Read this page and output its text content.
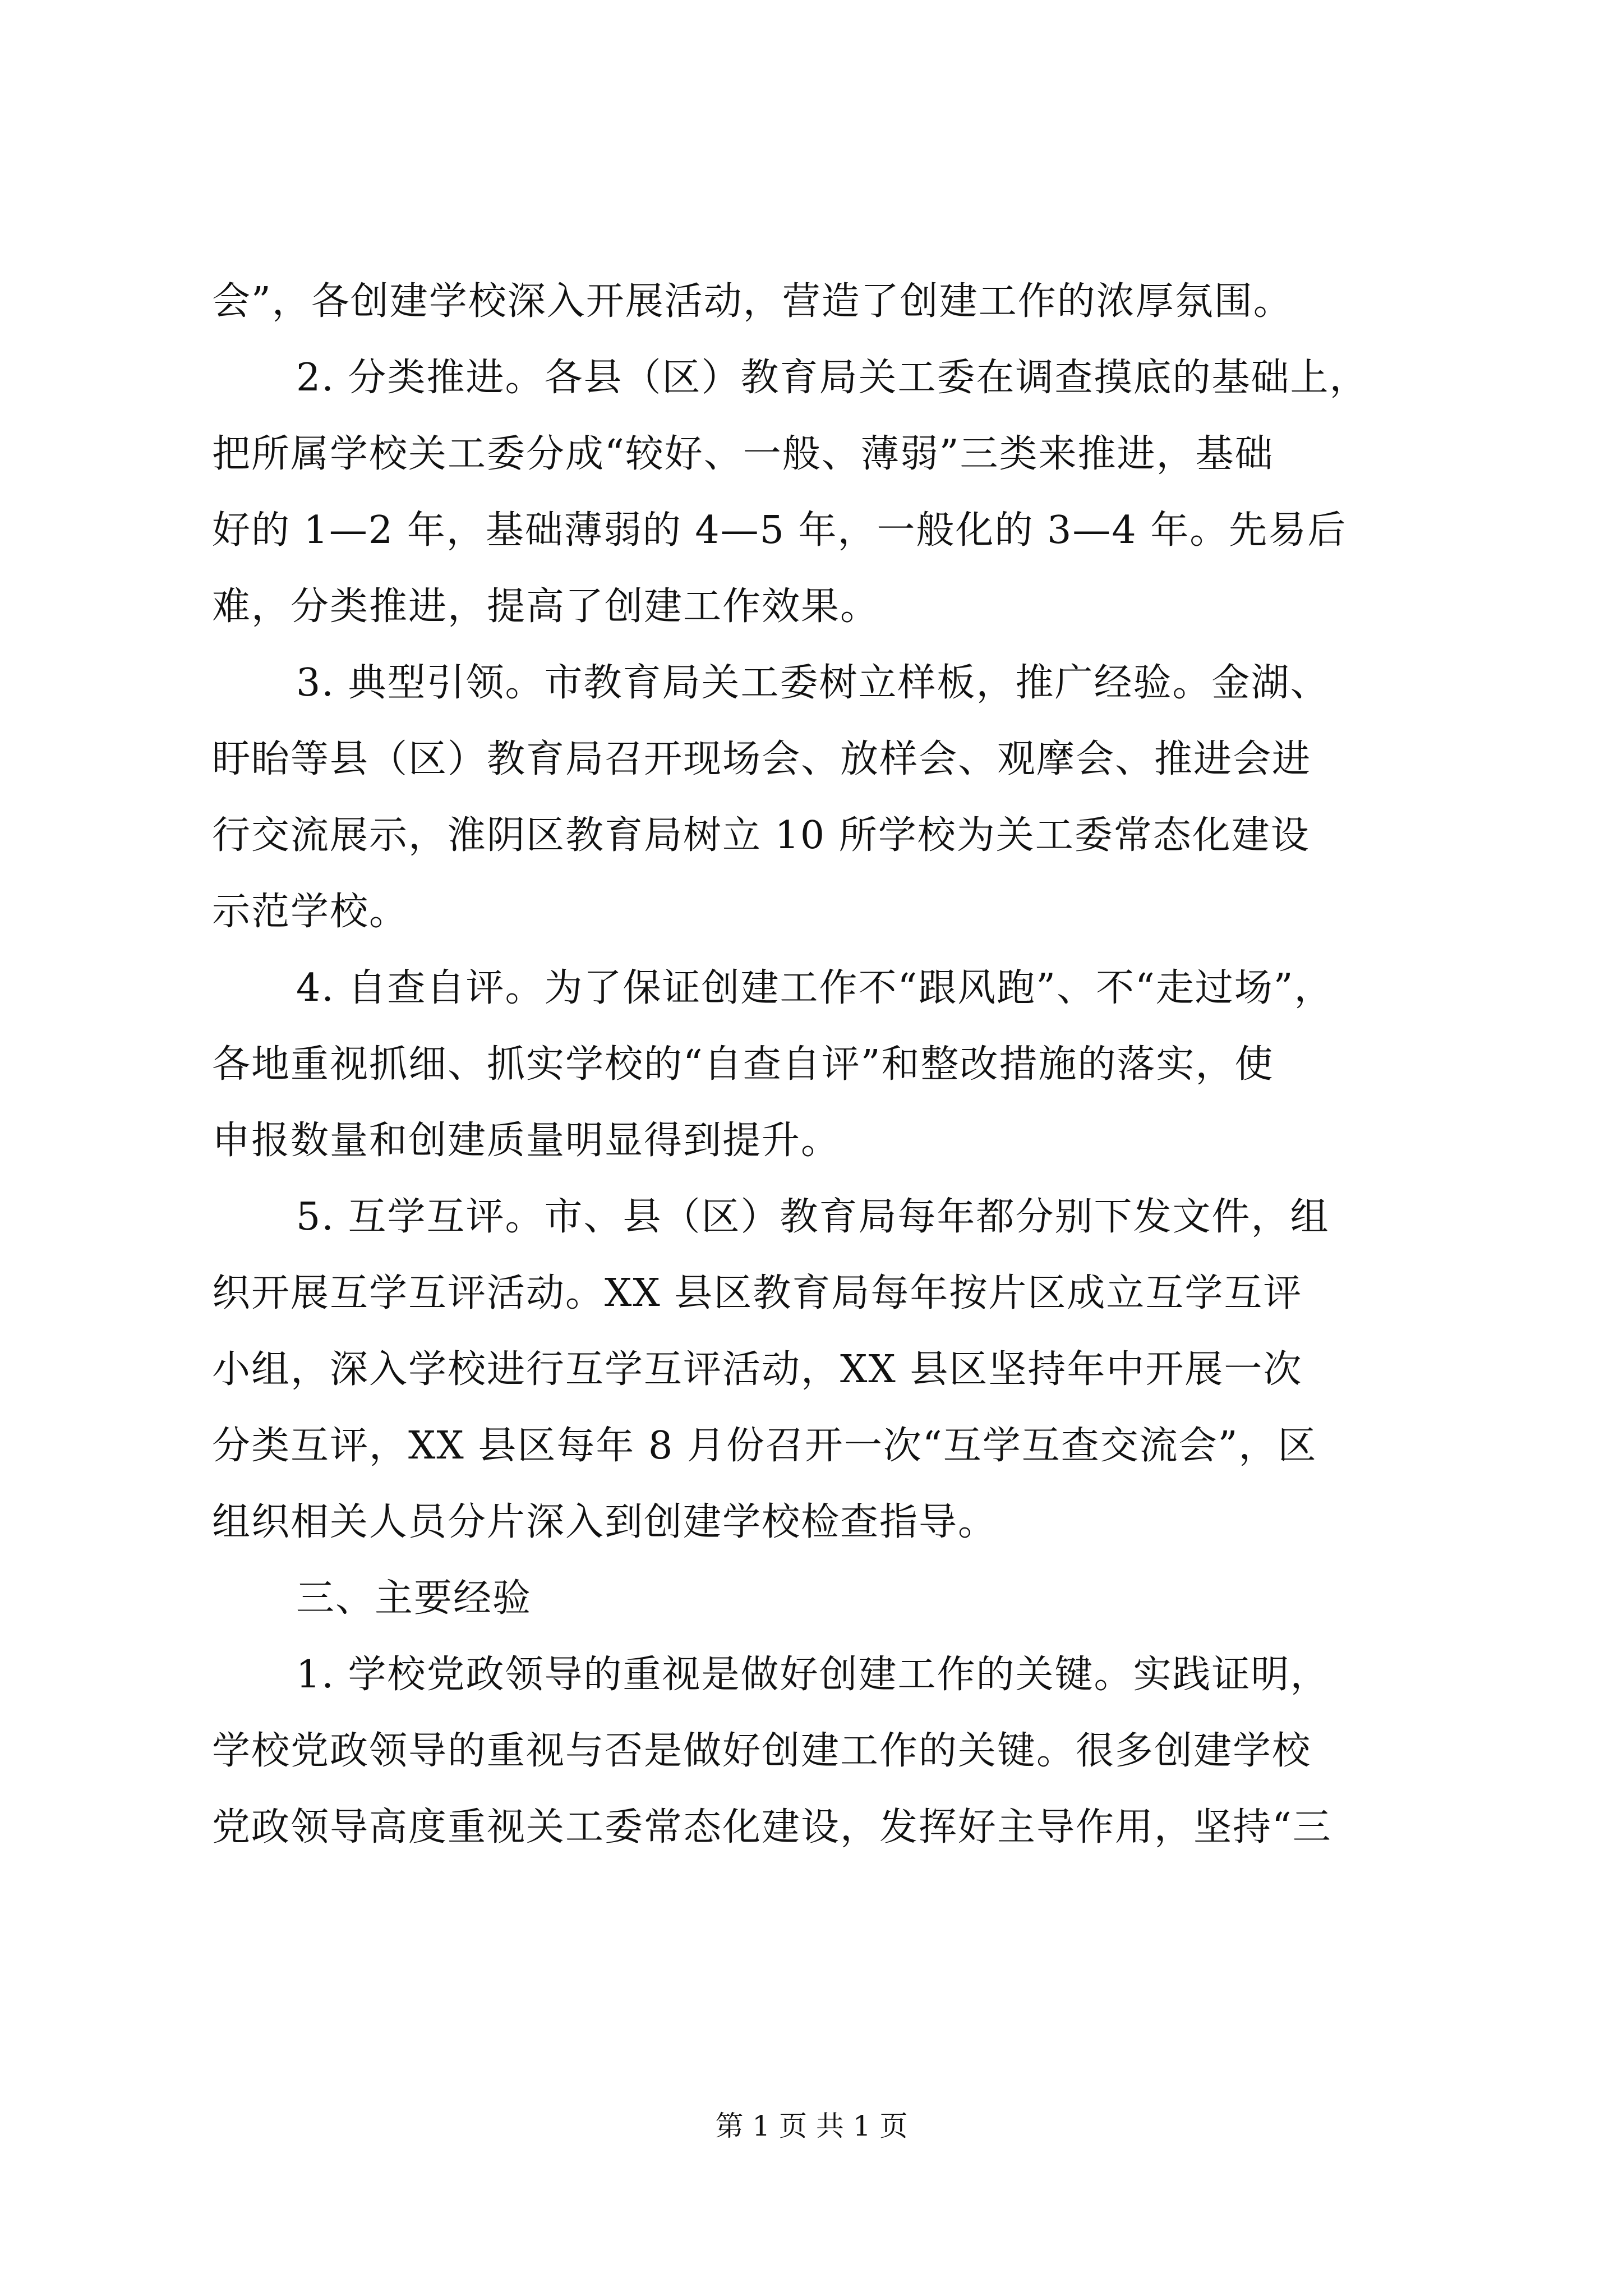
会”，各创建学校深入开展活动，营造了创建工作的浓厚氛围。
2. 分类推进。各县（区）教育局关工委在调查摸底的基础上，
把所属学校关工委分成“较好、一般、薄弱”三类来推进，基础
好的 1—2 年，基础薄弱的 4—5 年，一般化的 3—4 年。先易后
难，分类推进，提高了创建工作效果。
3. 典型引领。市教育局关工委树立样板，推广经验。金湖、
盱眙等县（区）教育局召开现场会、放样会、观摩会、推进会进
行交流展示，淮阴区教育局树立 10 所学校为关工委常态化建设
示范学校。
4. 自查自评。为了保证创建工作不“跟风跑”、不“走过场”，
各地重视抓细、抓实学校的“自查自评”和整改措施的落实，使
申报数量和创建质量明显得到提升。
5. 互学互评。市、县（区）教育局每年都分别下发文件，组
织开展互学互评活动。XX 县区教育局每年按片区成立互学互评
小组，深入学校进行互学互评活动，XX 县区坚持年中开展一次
分类互评，XX 县区每年 8 月份召开一次“互学互查交流会”，区
组织相关人员分片深入到创建学校检查指导。
三、主要经验
1. 学校党政领导的重视是做好创建工作的关键。实践证明，
学校党政领导的重视与否是做好创建工作的关键。很多创建学校
党政领导高度重视关工委常态化建设，发挥好主导作用，坚持“三
第 1 页 共 1 页
